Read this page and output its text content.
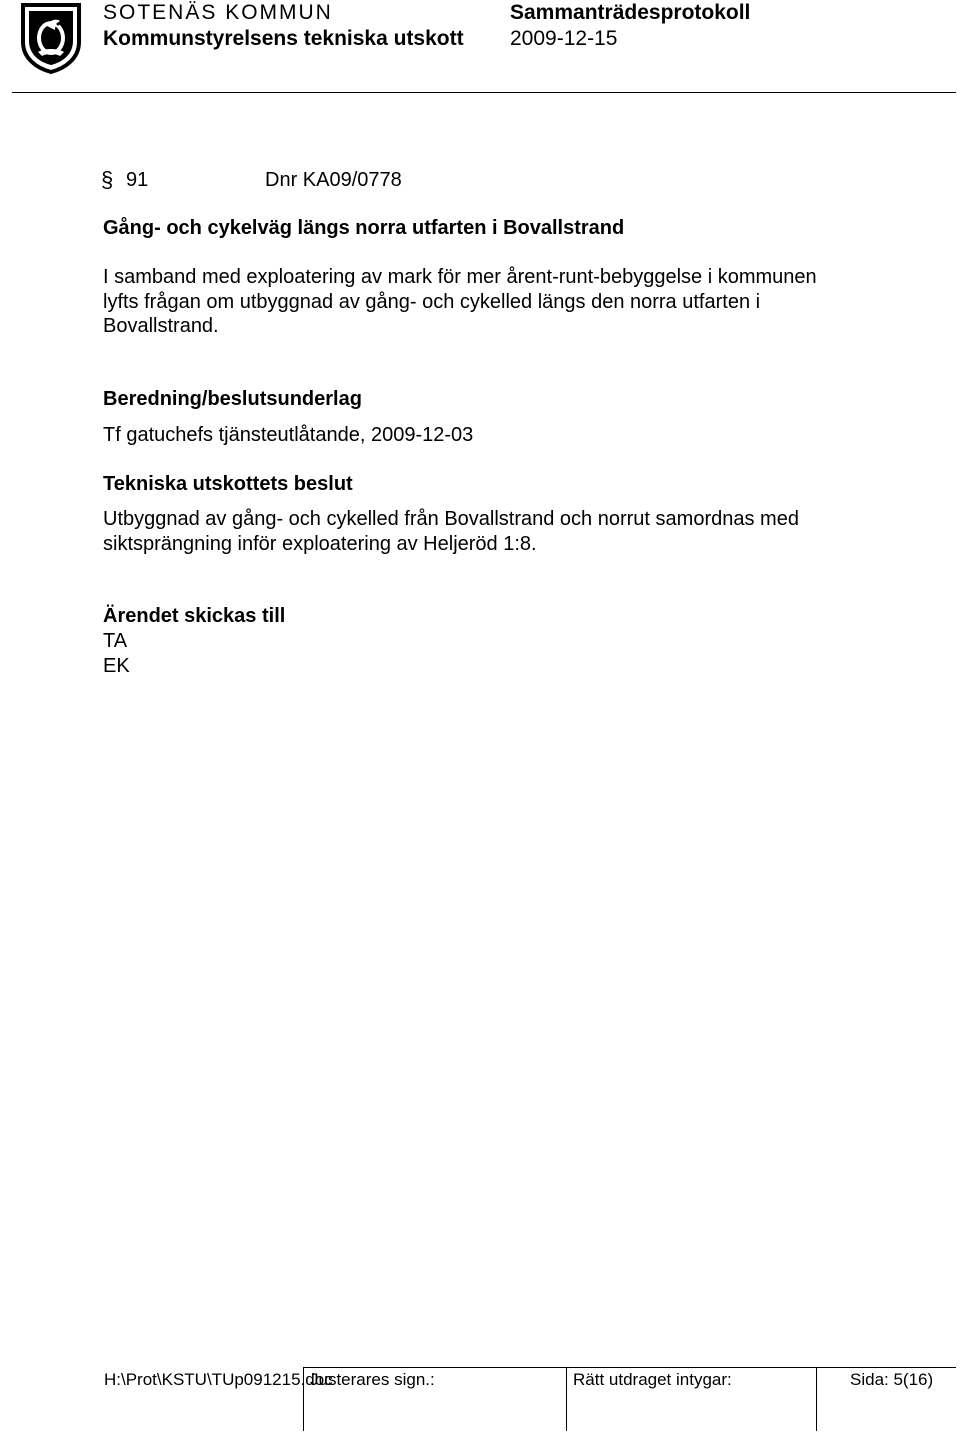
SOTENÄS KOMMUN
Kommunstyrelsens tekniska utskott
Sammanträdesprotokoll
2009-12-15
§ 91	Dnr KA09/0778
Gång- och cykelväg längs norra utfarten i Bovallstrand
I samband med exploatering av mark för mer årent-runt-bebyggelse i kommunen
lyfts frågan om utbyggnad av gång- och cykelled längs den norra utfarten i
Bovallstrand.
Beredning/beslutsunderlag
Tf gatuchefs tjänsteutlåtande, 2009-12-03
Tekniska utskottets beslut
Utbyggnad av gång- och cykelled från Bovallstrand och norrut samordnas med
siktsprängning inför exploatering av Heljeröd 1:8.
Ärendet skickas till
TA
EK
H:\Prot\KSTU\TUp091215.doc
Justerares sign.:	Rätt utdraget intygar:	Sida: 5(16)
